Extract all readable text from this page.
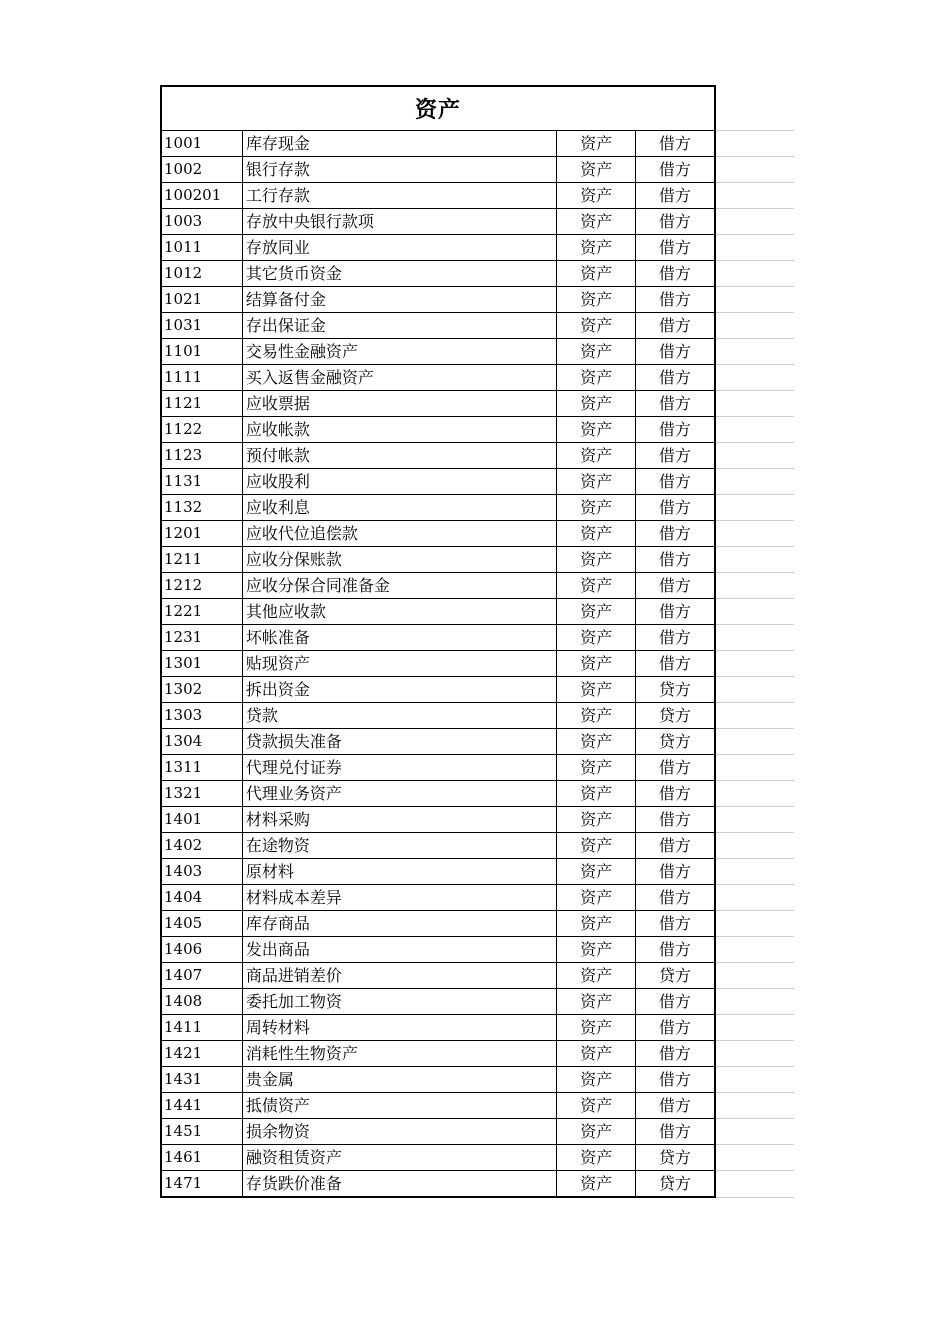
资产
1001	库存现金	资产	借方	
1002	银行存款	资产	借方	
100201	工行存款	资产	借方	
1003	存放中央银行款项	资产	借方	
1011	存放同业	资产	借方	
1012	其它货币资金	资产	借方	
1021	结算备付金	资产	借方	
1031	存出保证金	资产	借方	
1101	交易性金融资产	资产	借方	
1111	买入返售金融资产	资产	借方	
1121	应收票据	资产	借方	
1122	应收帐款	资产	借方	
1123	预付帐款	资产	借方	
1131	应收股利	资产	借方	
1132	应收利息	资产	借方	
1201	应收代位追偿款	资产	借方	
1211	应收分保账款	资产	借方	
1212	应收分保合同准备金	资产	借方	
1221	其他应收款	资产	借方	
1231	坏帐准备	资产	借方	
1301	贴现资产	资产	借方	
1302	拆出资金	资产	贷方	
1303	贷款	资产	贷方	
1304	贷款损失准备	资产	贷方	
1311	代理兑付证券	资产	借方	
1321	代理业务资产	资产	借方	
1401	材料采购	资产	借方	
1402	在途物资	资产	借方	
1403	原材料	资产	借方	
1404	材料成本差异	资产	借方	
1405	库存商品	资产	借方	
1406	发出商品	资产	借方	
1407	商品进销差价	资产	贷方	
1408	委托加工物资	资产	借方	
1411	周转材料	资产	借方	
1421	消耗性生物资产	资产	借方	
1431	贵金属	资产	借方	
1441	抵债资产	资产	借方	
1451	损余物资	资产	借方	
1461	融资租赁资产	资产	贷方	
1471	存货跌价准备	资产	贷方	
